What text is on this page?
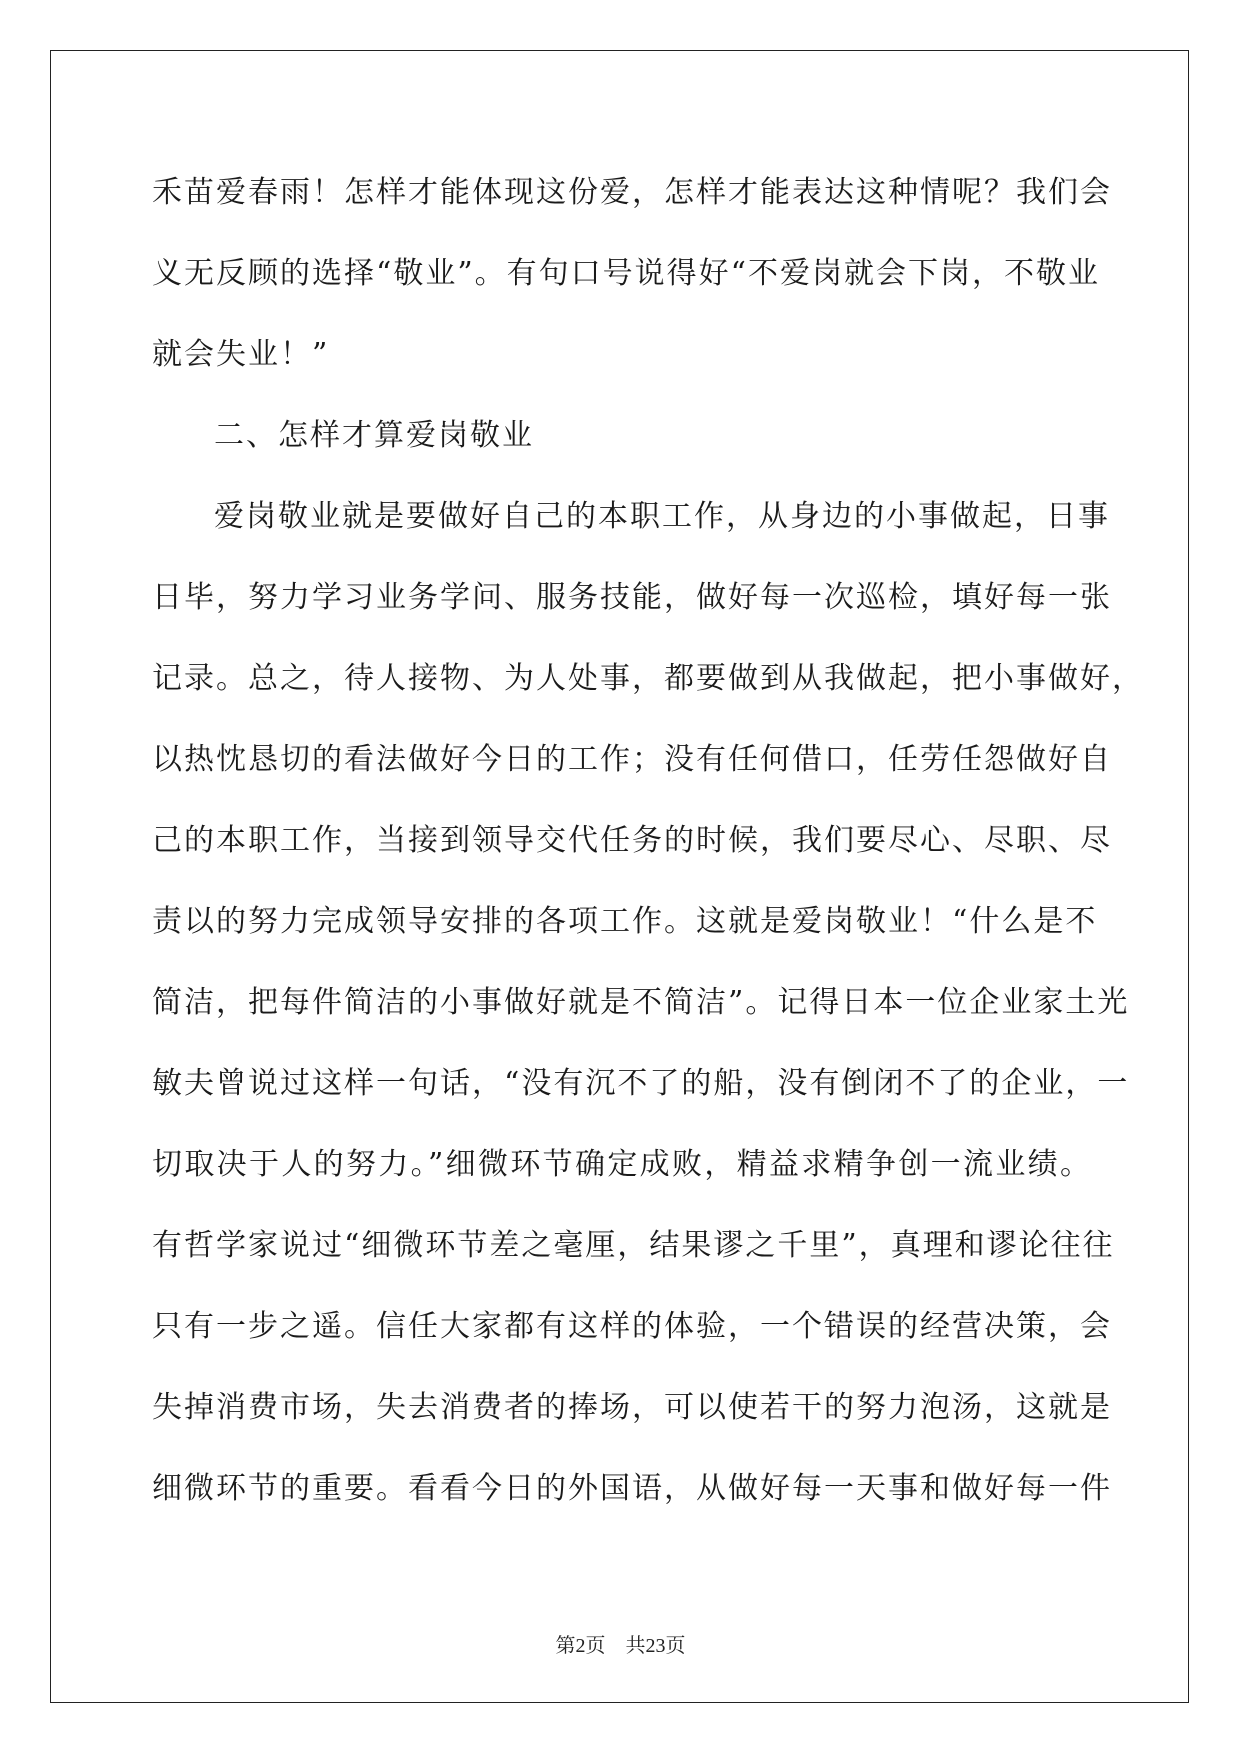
禾苗爱春雨！怎样才能体现这份爱，怎样才能表达这种情呢？我们会
义无反顾的选择“敬业”。有句口号说得好“不爱岗就会下岗，不敬业
就会失业！”
二、怎样才算爱岗敬业
爱岗敬业就是要做好自己的本职工作，从身边的小事做起，日事
日毕，努力学习业务学问、服务技能，做好每一次巡检，填好每一张
记录。总之，待人接物、为人处事，都要做到从我做起，把小事做好，
以热忱恳切的看法做好今日的工作；没有任何借口，任劳任怨做好自
己的本职工作，当接到领导交代任务的时候，我们要尽心、尽职、尽
责以的努力完成领导安排的各项工作。这就是爱岗敬业！“什么是不
简洁，把每件简洁的小事做好就是不简洁”。记得日本一位企业家土光
敏夫曾说过这样一句话，“没有沉不了的船，没有倒闭不了的企业，一
切取决于人的努力。”细微环节确定成败，精益求精争创一流业绩。
有哲学家说过“细微环节差之毫厘，结果谬之千里”，真理和谬论往往
只有一步之遥。信任大家都有这样的体验，一个错误的经营决策，会
失掉消费市场，失去消费者的捧场，可以使若干的努力泡汤，这就是
细微环节的重要。看看今日的外国语，从做好每一天事和做好每一件
第2页 共23页
